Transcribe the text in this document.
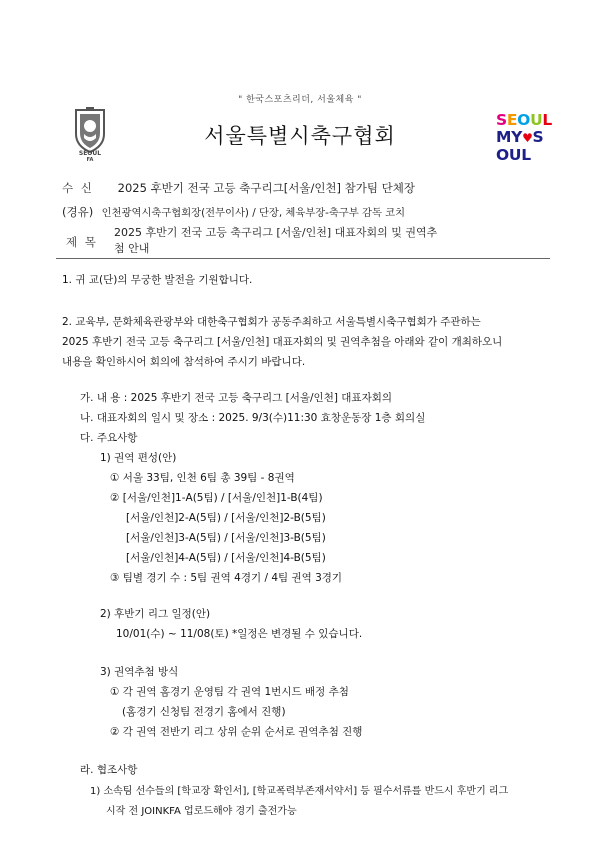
" 한국스포츠리더, 서울체육 "
SEOUL
FA
서울특별시축구협회
SEOUL
MY♥SOUL
수 신 2025 후반기 전국 고등 축구리그[서울/인천] 참가팀 단체장
(경유) 인천광역시축구협회장(전무이사) / 단장, 체육부장-축구부 감독 코치
제 목
2025 후반기 전국 고등 축구리그 [서울/인천] 대표자회의 및 권역추
첨 안내
1. 귀 교(단)의 무궁한 발전을 기원합니다.
2. 교육부, 문화체육관광부와 대한축구협회가 공동주최하고 서울특별시축구협회가 주관하는
2025 후반기 전국 고등 축구리그 [서울/인천] 대표자회의 및 권역추첨을 아래와 같이 개최하오니
내용을 확인하시어 회의에 참석하여 주시기 바랍니다.
가. 내 용 : 2025 후반기 전국 고등 축구리그 [서울/인천] 대표자회의
나. 대표자회의 일시 및 장소 : 2025. 9/3(수)11:30 효창운동장 1층 회의실
다. 주요사항
1) 권역 편성(안)
① 서울 33팀, 인천 6팀 총 39팀 - 8권역
② [서울/인천]1-A(5팀) / [서울/인천]1-B(4팀)
[서울/인천]2-A(5팀) / [서울/인천]2-B(5팀)
[서울/인천]3-A(5팀) / [서울/인천]3-B(5팀)
[서울/인천]4-A(5팀) / [서울/인천]4-B(5팀)
③ 팀별 경기 수 : 5팀 권역 4경기 / 4팀 권역 3경기
2) 후반기 리그 일정(안)
10/01(수) ~ 11/08(토) *일정은 변경될 수 있습니다.
3) 권역추첨 방식
① 각 권역 홈경기 운영팀 각 권역 1번시드 배정 추첨
(홈경기 신청팀 전경기 홈에서 진행)
② 각 권역 전반기 리그 상위 순위 순서로 권역추첨 진행
라. 협조사항
1) 소속팀 선수들의 [학교장 확인서], [학교폭력부존재서약서] 등 필수서류를 반드시 후반기 리그
시작 전 JOINKFA 업로드해야 경기 출전가능
